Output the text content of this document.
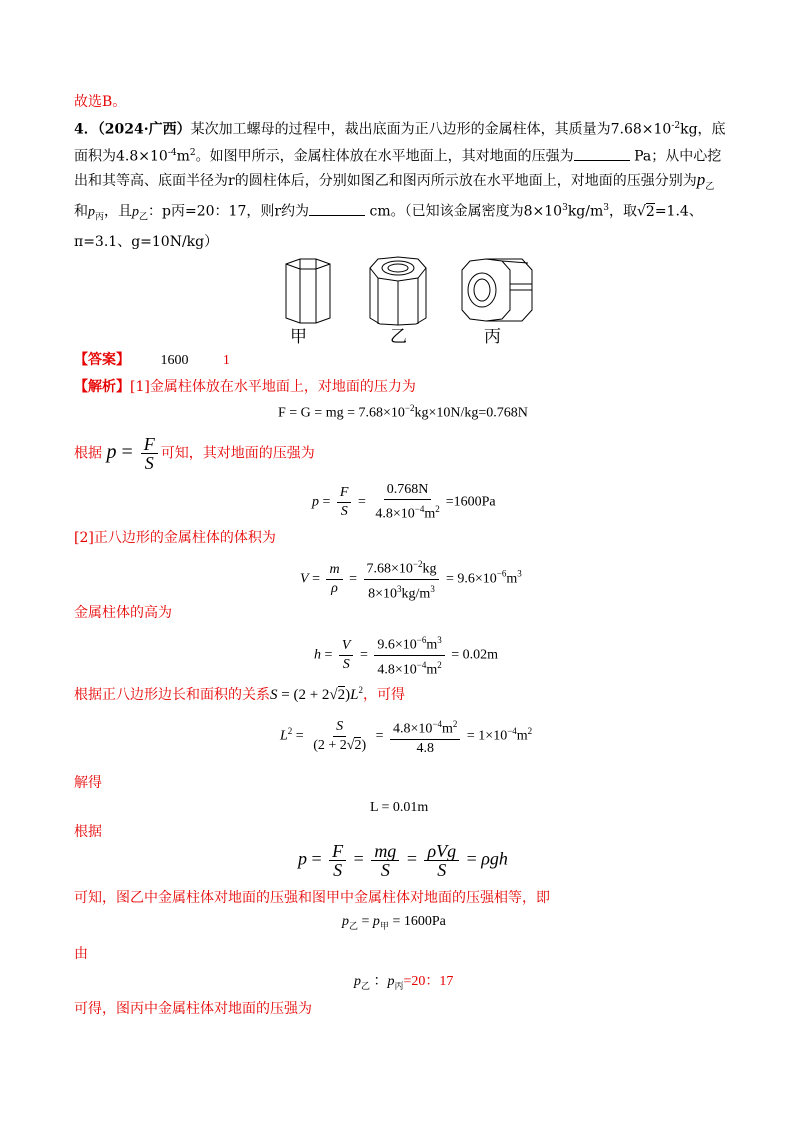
故选B。
4．（2024·广西）某次加工螺母的过程中，裁出底面为正八边形的金属柱体，其质量为$7.68\times 10^{-2}kg$，底
面积为$4.8\times 10^{-4}m^2$。如图甲所示，金属柱体放在水平地面上，其对地面的压强为	Pa；从中心挖
出和其等高、底面半径为r的圆柱体后，分别如图乙和图丙所示放在水平地面上，对地面的压强分别为$p_乙$
和$p_丙$，且$p_乙$：p丙=20：17，则r约为	cm。（已知该金属密度为$8\times 10^3kg/m^3$，取√2=1.4、
π=3.1、g=10N/kg）
甲	乙	丙
【答案】 1600 1
【解析】[1]金属柱体放在水平地面上，对地面的压力为
F = G = mg = $7.68\times 10^{-2}kg\times 10N/kg=0.768N$
根据 $p = \frac{F}{S}$ 可知，其对地面的压强为
$p = \frac{F}{S} = \frac{0.768N}{4.8\times 10^{-4}m^2} =1600Pa$
[2]正八边形的金属柱体的体积为
$V = \frac{m}{\rho} = \frac{7.68\times 10^{-2}kg}{8\times 10^3kg/m^3} = 9.6\times 10^{-6}m^3$
金属柱体的高为
$h = \frac{V}{S} = \frac{9.6\times 10^{-6}m^3}{4.8\times 10^{-4}m^2} = 0.02m$
根据正八边形边长和面积的关系$S = (2 + 2√2)L^2$，可得
$L^2 = \frac{S}{(2 + 2√2)} = \frac{4.8\times 10^{-4}m^2}{4.8} = 1\times 10^{-4}m^2$
解得
L = 0.01m
根据
$p = \frac{F}{S} = \frac{mg}{S} = \frac{\text{ρVg}}{S} = \rho gh$
可知，图乙中金属柱体对地面的压强和图甲中金属柱体对地面的压强相等，即
$p_乙 = p_甲 = 1600Pa$
由
$p_乙$ ：$p_丙=20$：17
可得，图丙中金属柱体对地面的压强为
